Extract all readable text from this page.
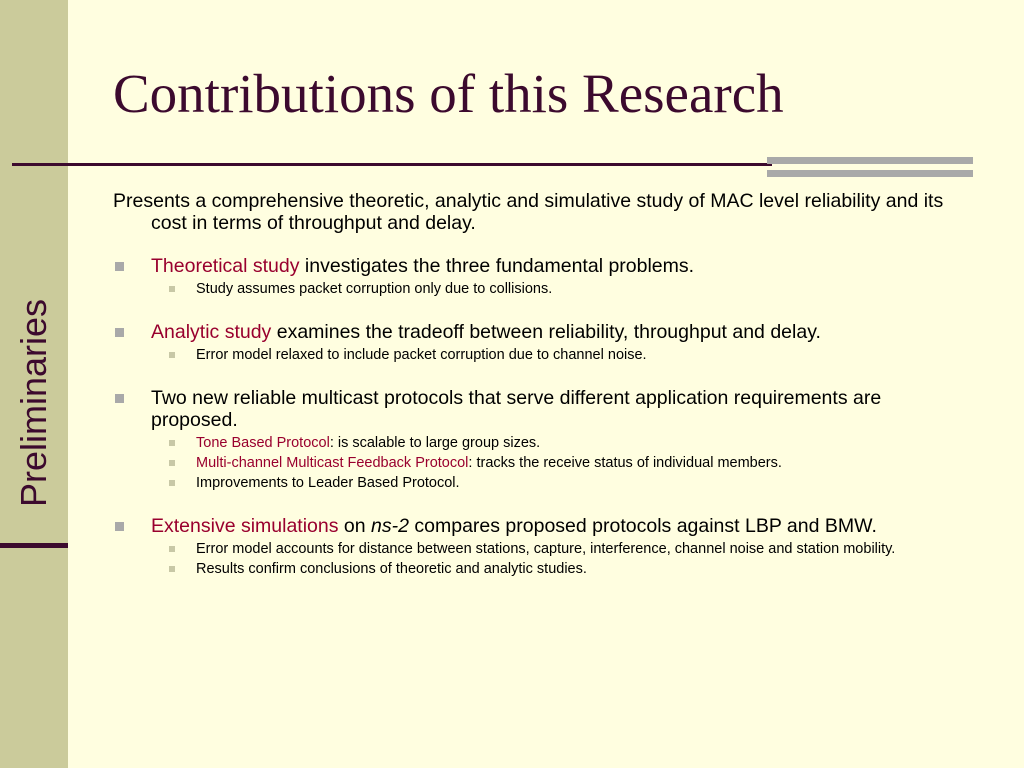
Preliminaries
Contributions of this Research
Presents a comprehensive theoretic, analytic and simulative study of MAC level reliability and its cost in terms of throughput and delay.
Theoretical study investigates the three fundamental problems.
Study assumes packet corruption only due to collisions.
Analytic study examines the tradeoff between reliability, throughput and delay.
Error model relaxed to include packet corruption due to channel noise.
Two new reliable multicast protocols that serve different application requirements are proposed.
Tone Based Protocol: is scalable to large group sizes.
Multi-channel Multicast Feedback Protocol: tracks the receive status of individual members.
Improvements to Leader Based Protocol.
Extensive simulations on ns-2 compares proposed protocols against LBP and BMW.
Error model accounts for distance between stations, capture, interference, channel noise and station mobility.
Results confirm conclusions of theoretic and analytic studies.
